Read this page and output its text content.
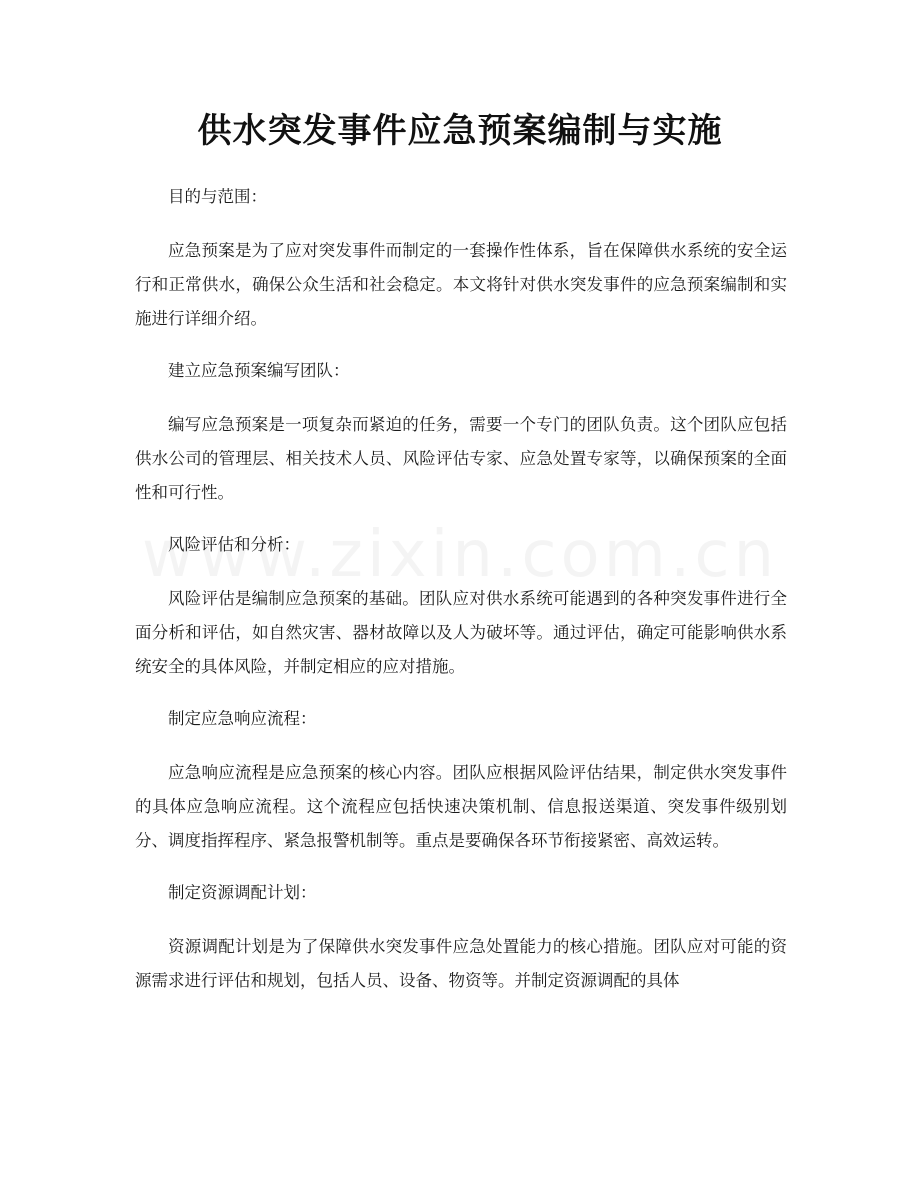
供水突发事件应急预案编制与实施

目的与范围：

应急预案是为了应对突发事件而制定的一套操作性体系，旨在保障供水系统的安全运行和正常供水，确保公众生活和社会稳定。本文将针对供水突发事件的应急预案编制和实施进行详细介绍。

建立应急预案编写团队：

编写应急预案是一项复杂而紧迫的任务，需要一个专门的团队负责。这个团队应包括供水公司的管理层、相关技术人员、风险评估专家、应急处置专家等，以确保预案的全面性和可行性。

风险评估和分析：

风险评估是编制应急预案的基础。团队应对供水系统可能遇到的各种突发事件进行全面分析和评估，如自然灾害、器材故障以及人为破坏等。通过评估，确定可能影响供水系统安全的具体风险，并制定相应的应对措施。

制定应急响应流程：

应急响应流程是应急预案的核心内容。团队应根据风险评估结果，制定供水突发事件的具体应急响应流程。这个流程应包括快速决策机制、信息报送渠道、突发事件级别划分、调度指挥程序、紧急报警机制等。重点是要确保各环节衔接紧密、高效运转。

制定资源调配计划：

资源调配计划是为了保障供水突发事件应急处置能力的核心措施。团队应对可能的资源需求进行评估和规划，包括人员、设备、物资等。并制定资源调配的具体
